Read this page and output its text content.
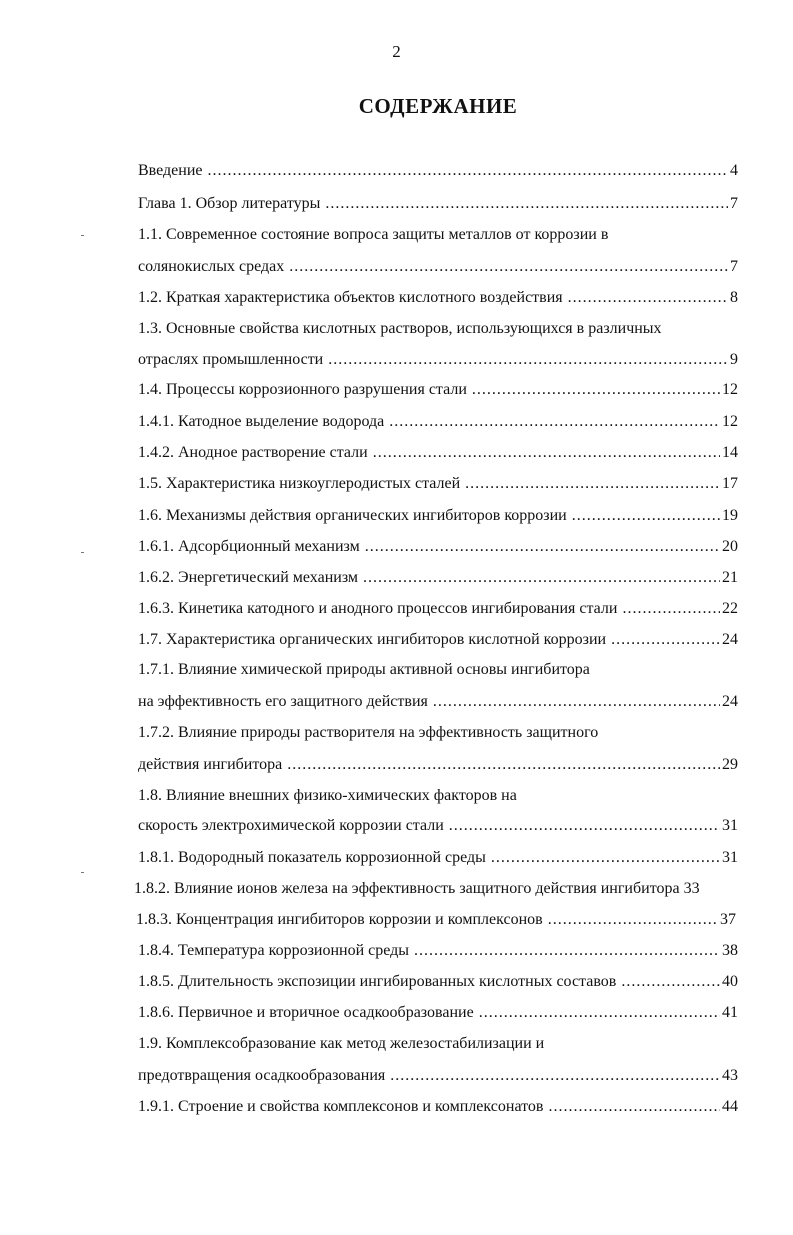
2
СОДЕРЖАНИЕ
Введение .....	4
Глава 1. Обзор литературы .....	7
1.1. Современное состояние вопроса защиты металлов от коррозии в
солянокислых средах .....	7
1.2. Краткая характеристика объектов кислотного воздействия .....	8
1.3. Основные свойства кислотных растворов, использующихся в различных
отраслях промышленности .....	9
1.4. Процессы коррозионного разрушения стали .....	12
1.4.1. Катодное выделение водорода .....	12
1.4.2. Анодное растворение стали .....	14
1.5. Характеристика низкоуглеродистых сталей .....	17
1.6. Механизмы действия органических ингибиторов коррозии .....	19
1.6.1. Адсорбционный механизм .....	20
1.6.2. Энергетический механизм .....	21
1.6.3. Кинетика катодного и анодного процессов ингибирования стали .....	22
1.7. Характеристика органических ингибиторов кислотной коррозии .....	24
1.7.1. Влияние химической природы активной основы ингибитора
на эффективность его защитного действия .....	24
1.7.2. Влияние природы растворителя на эффективность защитного
действия ингибитора .....	29
1.8. Влияние внешних физико-химических факторов на
скорость электрохимической коррозии стали .....	31
1.8.1. Водородный показатель коррозионной среды .....	31
1.8.2. Влияние ионов железа на эффективность защитного действия ингибитора 33
1.8.3. Концентрация ингибиторов коррозии и комплексонов .....	37
1.8.4. Температура коррозионной среды .....	38
1.8.5. Длительность экспозиции ингибированных кислотных составов .....	40
1.8.6. Первичное и вторичное осадкообразование .....	41
1.9. Комплексобразование как метод железостабилизации и
предотвращения осадкообразования .....	43
1.9.1. Строение и свойства комплексонов и комплексонатов .....	44
